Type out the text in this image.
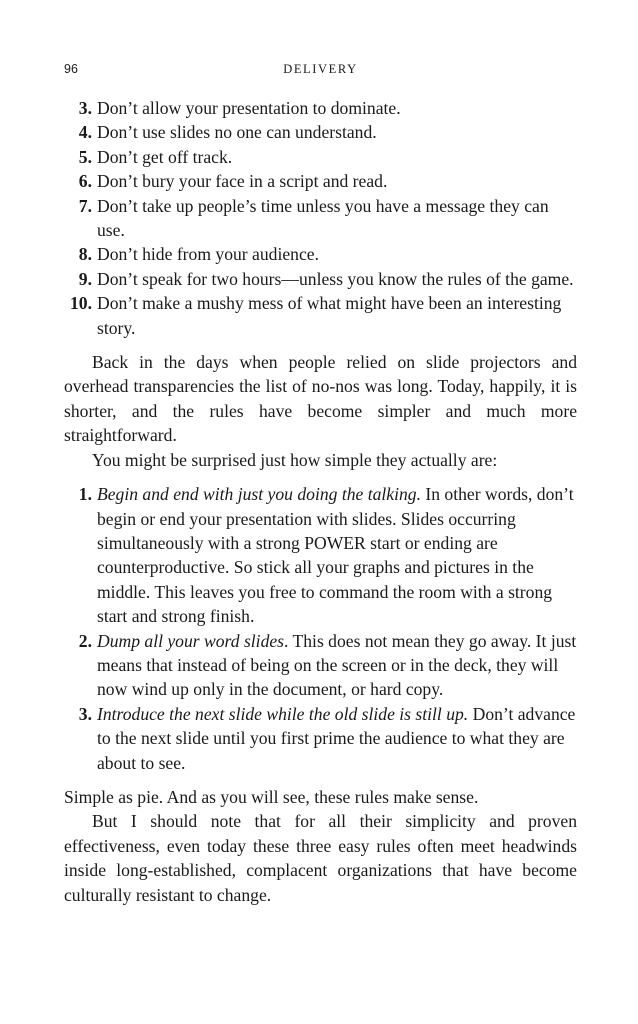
96	DELIVERY
3. Don’t allow your presentation to dominate.
4. Don’t use slides no one can understand.
5. Don’t get off track.
6. Don’t bury your face in a script and read.
7. Don’t take up people’s time unless you have a message they can use.
8. Don’t hide from your audience.
9. Don’t speak for two hours—unless you know the rules of the game.
10. Don’t make a mushy mess of what might have been an interesting story.

Back in the days when people relied on slide projectors and overhead transparencies the list of no-nos was long. Today, happily, it is shorter, and the rules have become simpler and much more straightforward.

You might be surprised just how simple they actually are:

1. Begin and end with just you doing the talking. In other words, don’t begin or end your presentation with slides. Slides occurring simultaneously with a strong POWER start or ending are counterproductive. So stick all your graphs and pictures in the middle. This leaves you free to command the room with a strong start and strong finish.
2. Dump all your word slides. This does not mean they go away. It just means that instead of being on the screen or in the deck, they will now wind up only in the document, or hard copy.
3. Introduce the next slide while the old slide is still up. Don’t advance to the next slide until you first prime the audience to what they are about to see.

Simple as pie. And as you will see, these rules make sense.

But I should note that for all their simplicity and proven effectiveness, even today these three easy rules often meet headwinds inside long-established, complacent organizations that have become culturally resistant to change.
